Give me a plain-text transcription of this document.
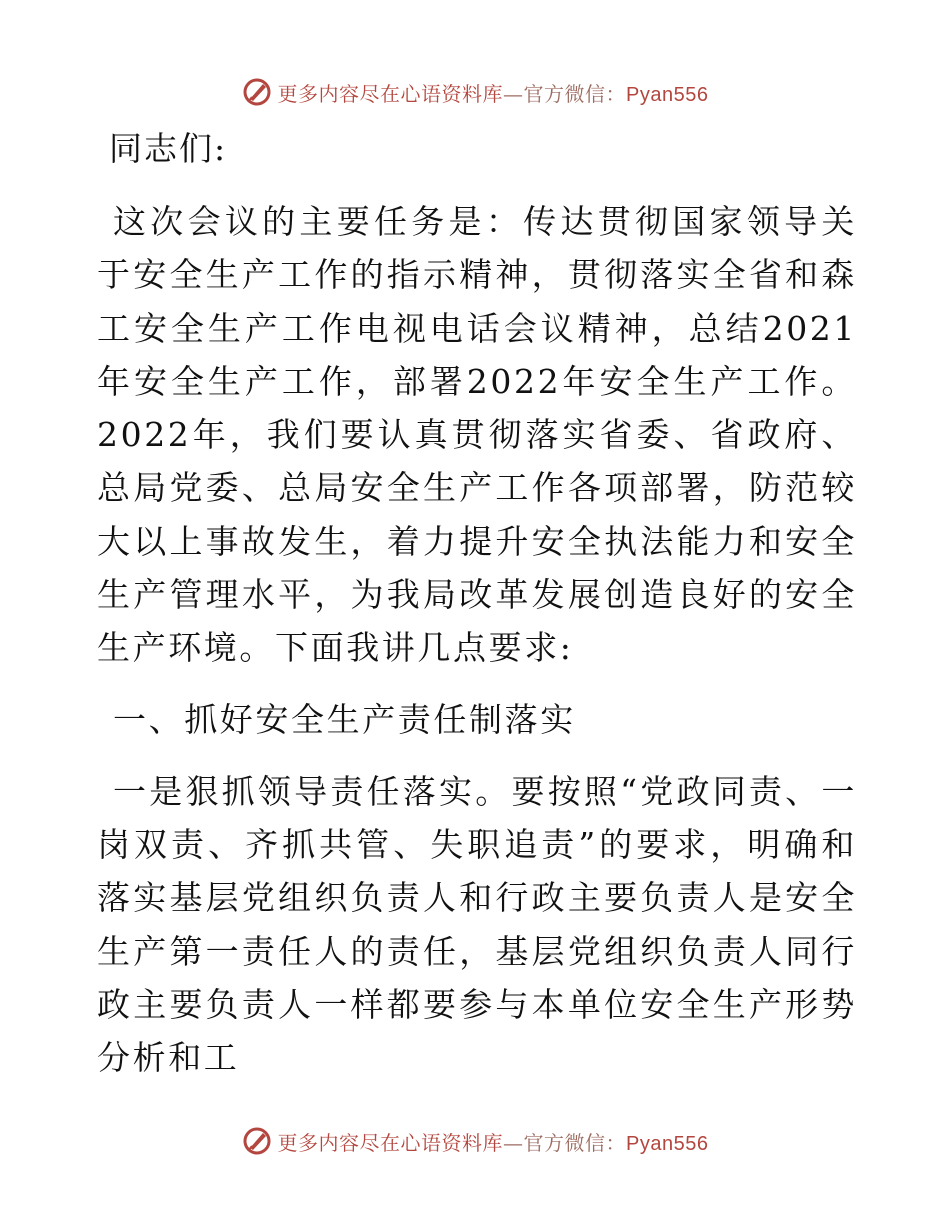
更多内容尽在心语资料库—官方微信：Pyan556

同志们:

这次会议的主要任务是：传达贯彻国家领导关于安全生产工作的指示精神，贯彻落实全省和森工安全生产工作电视电话会议精神，总结2021年安全生产工作，部署2022年安全生产工作。2022年，我们要认真贯彻落实省委、省政府、总局党委、总局安全生产工作各项部署，防范较大以上事故发生，着力提升安全执法能力和安全生产管理水平，为我局改革发展创造良好的安全生产环境。下面我讲几点要求:

一、抓好安全生产责任制落实

一是狠抓领导责任落实。要按照“党政同责、一岗双责、齐抓共管、失职追责”的要求，明确和落实基层党组织负责人和行政主要负责人是安全生产第一责任人的责任，基层党组织负责人同行政主要负责人一样都要参与本单位安全生产形势分析和工

更多内容尽在心语资料库—官方微信：Pyan556
